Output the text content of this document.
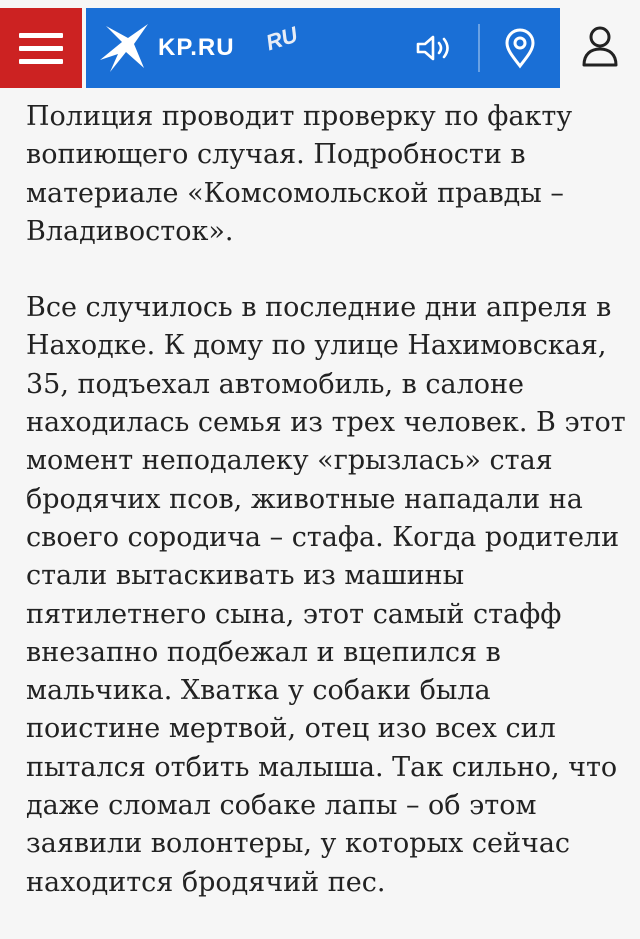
KP.RU RU

Полиция проводит проверку по факту вопиющего случая. Подробности в материале «Комсомольской правды – Владивосток».

Все случилось в последние дни апреля в Находке. К дому по улице Нахимовская, 35, подъехал автомобиль, в салоне находилась семья из трех человек. В этот момент неподалеку «грызлась» стая бродячих псов, животные нападали на своего сородича – стафа. Когда родители стали вытаскивать из машины пятилетнего сына, этот самый стафф внезапно подбежал и вцепился в мальчика. Хватка у собаки была поистине мертвой, отец изо всех сил пытался отбить малыша. Так сильно, что даже сломал собаке лапы – об этом заявили волонтеры, у которых сейчас находится бродячий пес.
